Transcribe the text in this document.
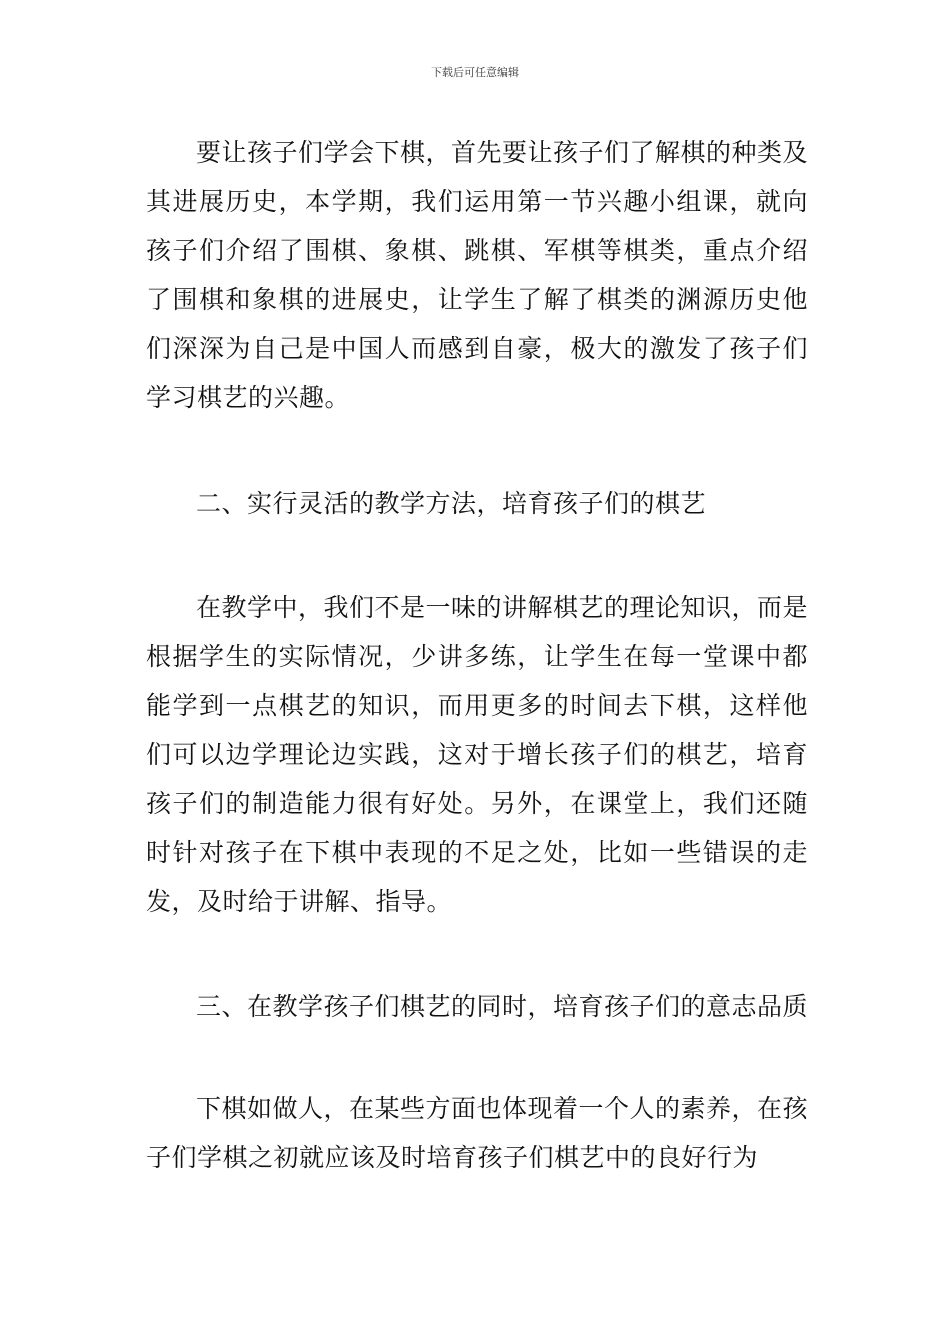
下载后可任意编辑

要让孩子们学会下棋，首先要让孩子们了解棋的种类及其进展历史，本学期，我们运用第一节兴趣小组课，就向孩子们介绍了围棋、象棋、跳棋、军棋等棋类，重点介绍了围棋和象棋的进展史，让学生了解了棋类的渊源历史他们深深为自己是中国人而感到自豪，极大的激发了孩子们学习棋艺的兴趣。

二、实行灵活的教学方法，培育孩子们的棋艺

在教学中，我们不是一味的讲解棋艺的理论知识，而是根据学生的实际情况，少讲多练，让学生在每一堂课中都能学到一点棋艺的知识，而用更多的时间去下棋，这样他们可以边学理论边实践，这对于增长孩子们的棋艺，培育孩子们的制造能力很有好处。另外，在课堂上，我们还随时针对孩子在下棋中表现的不足之处，比如一些错误的走发，及时给于讲解、指导。

三、在教学孩子们棋艺的同时，培育孩子们的意志品质

下棋如做人，在某些方面也体现着一个人的素养，在孩子们学棋之初就应该及时培育孩子们棋艺中的良好行为
